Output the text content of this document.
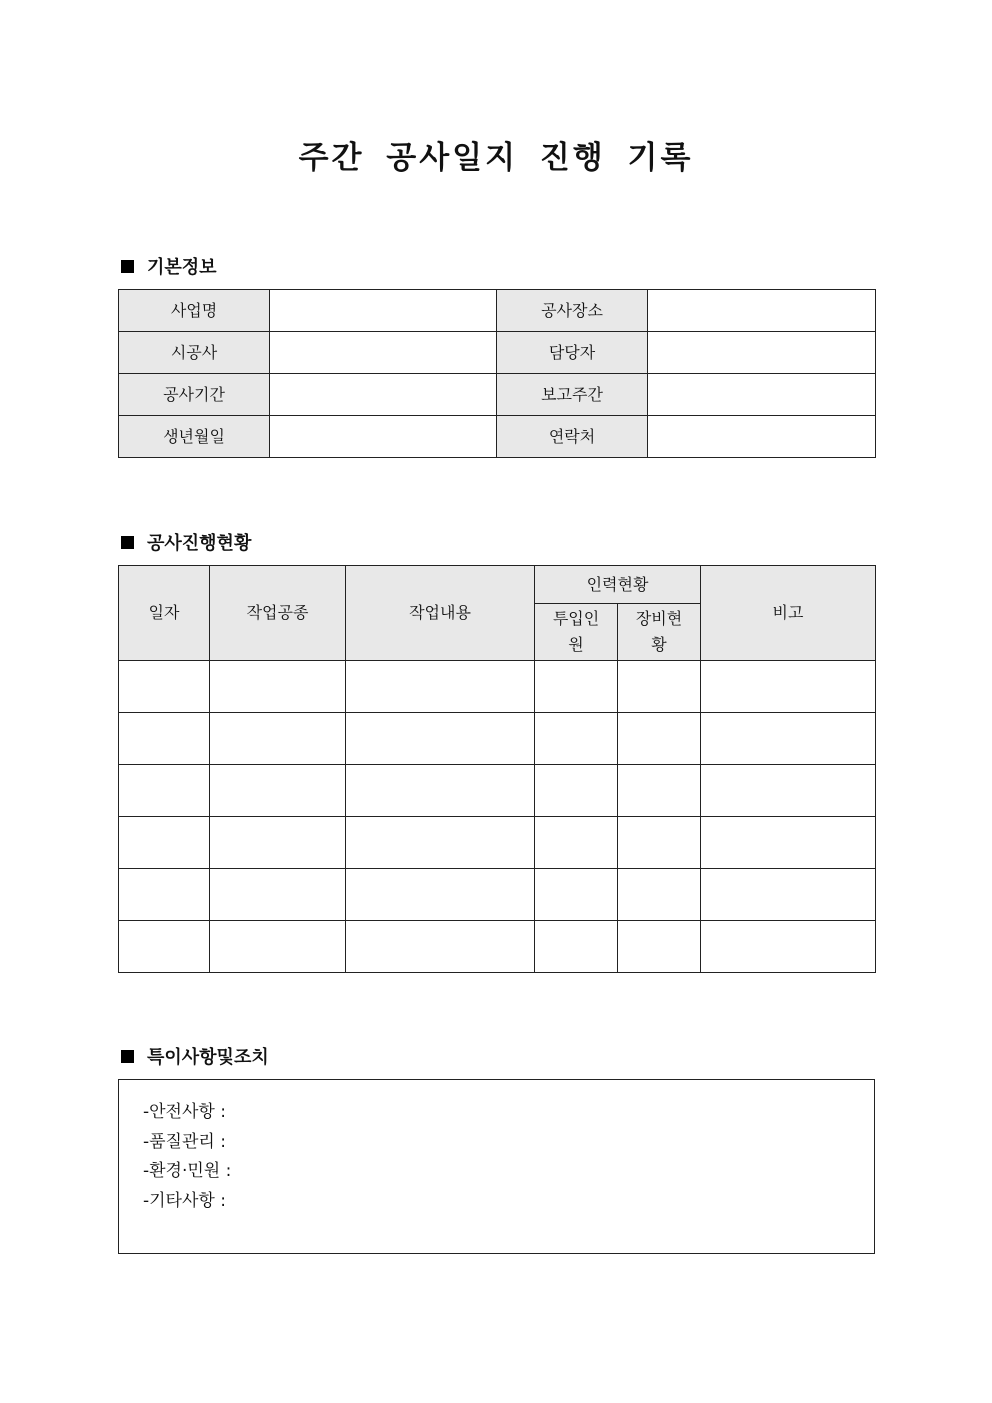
주간 공사일지 진행 기록
기본정보
사업명		공사장소	
시공사		담당자	
공사기간		보고주간	
생년월일		연락처	
공사진행현황
일자	작업공종	작업내용	인력현황		비고
			투입인원	장비현황	

특이사항및조치
-안전사항 :
-품질관리 :
-환경·민원 :
-기타사항 :
